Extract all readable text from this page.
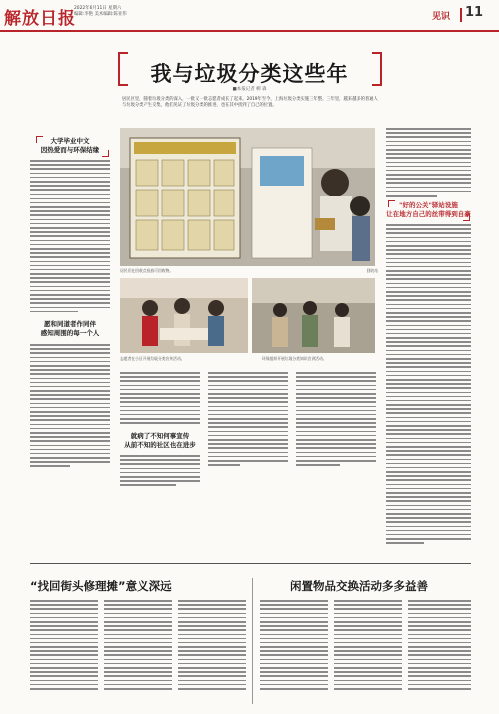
解放日报
2022年6月11日 星期六
编辑:李艳 美术编辑:陈亚伟	见识 11
我与垃圾分类这些年
■本报记者 柳 森
居民区里，随着垃圾分类的深入，一批又一批志愿者成长了起来。2019年至今，上海垃圾分类实施三年整。三年里，越来越多的普通人与垃圾分类产生交集，他们见证了垃圾分类的推进，也在其中找到了自己的位置。
大学毕业中文
因热爱而与环保结缘
愿和同道者作同伴
感知周围的每一个人
居民们在回收点投放可回收物。	回收站
志愿者在小区开展垃圾分类宣传活动。	环保组织开展垃圾分类知识宣讲活动。
就病了不知何事宣传
从前不知的社区也在进步
"好的公关"驿站设施
让在地方自己的丝带得到自豪
“找回街头修理摊”意义深远	闲置物品交换活动多多益善
